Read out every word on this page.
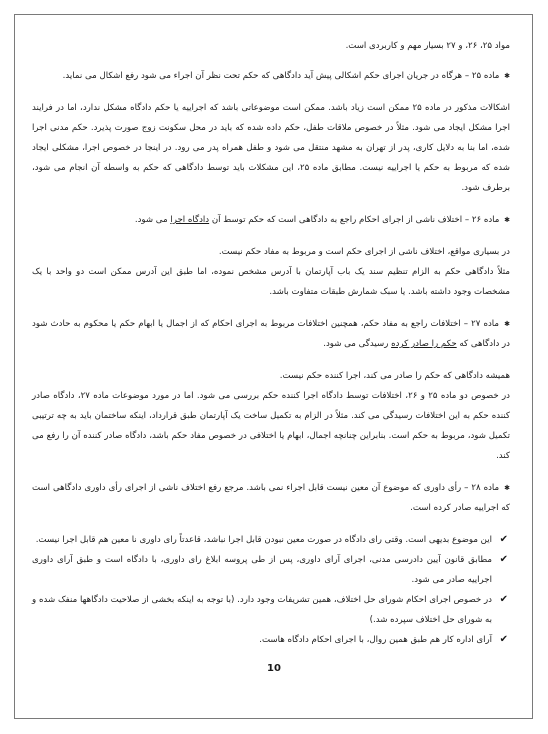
مواد ۲۵، ۲۶، و ۲۷ بسیار مهم و کاربردی است.

✱ ماده ۲۵ – هرگاه در جریان اجرای حکم اشکالی پیش آید دادگاهی که حکم تحت نظر آن اجراء می شود رفع اشکال می نماید.

اشکالات مذکور در ماده ۲۵ ممکن است زیاد باشد. ممکن است موضوعاتی باشد که اجراییه یا حکم دادگاه مشکل ندارد، اما در فرایند اجرا مشکل ایجاد می شود. مثلاً در خصوص ملاقات طفل، حکم داده شده که باید در محل سکونت زوج صورت پذیرد. حکم مدنی اجرا شده، اما بنا به دلایل کاری، پدر از تهران به مشهد منتقل می شود و طفل همراه پدر می رود. در اینجا در خصوص اجرا، مشکلی ایجاد شده که مربوط به حکم یا اجراییه نیست. مطابق ماده ۲۵، این مشکلات باید توسط دادگاهی که حکم به واسطه آن انجام می شود، برطرف شود.

✱ ماده ۲۶ – اختلاف ناشی از اجرای احکام راجع به دادگاهی است که حکم توسط آن دادگاه اجرا می شود.

در بسیاری مواقع، اختلاف ناشی از اجرای حکم است و مربوط به مفاد حکم نیست.

مثلاً دادگاهی حکم به الزام تنظیم سند یک باب آپارتمان با آدرس مشخص نموده، اما طبق این آدرس ممکن است دو واحد با یک مشخصات وجود داشته باشد. یا سبک شمارش طبقات متفاوت باشد.

✱ ماده ۲۷ – اختلافات راجع به مفاد حکم، همچنین اختلافات مربوط به اجرای احکام که از اجمال یا ابهام حکم یا محکوم به حادث شود در دادگاهی که حکم را صادر کرده رسیدگی می شود.

همیشه دادگاهی که حکم را صادر می کند، اجرا کننده حکم نیست.

در خصوص دو ماده ۲۵ و ۲۶، اختلافات توسط دادگاه اجرا کننده حکم بررسی می شود. اما در مورد موضوعات ماده ۲۷، دادگاه صادر کننده حکم به این اختلافات رسیدگی می کند. مثلاً در الزام به تکمیل ساخت یک آپارتمان طبق قرارداد، اینکه ساختمان باید به چه ترتیبی تکمیل شود، مربوط به حکم است. بنابراین چنانچه اجمال، ابهام یا اختلافی در خصوص مفاد حکم باشد، دادگاه صادر کننده آن را رفع می کند.

✱ ماده ۲۸ – رأی داوری که موضوع آن معین نیست قابل اجراء نمی باشد. مرجع رفع اختلاف ناشی از اجرای رأی داوری دادگاهی است که اجراییه صادر کرده است.

✔
این موضوع بدیهی است. وقتی رای دادگاه در صورت معین نبودن قابل اجرا نباشد، قاعدتاً رای داوری نا معین هم قابل اجرا نیست.
✔
مطابق قانون آیین دادرسی مدنی، اجرای آرای داوری، پس از طی پروسه ابلاغ رای داوری، با دادگاه است و طبق آرای داوری اجراییه صادر می شود.
✔
در خصوص اجرای احکام شورای حل اختلاف، همین تشریفات وجود دارد. (با توجه به اینکه بخشی از صلاحیت دادگاهها منفک شده و به شورای حل اختلاف سپرده شد.)
✔
آرای اداره کار هم طبق همین روال، با اجرای احکام دادگاه هاست.
10
